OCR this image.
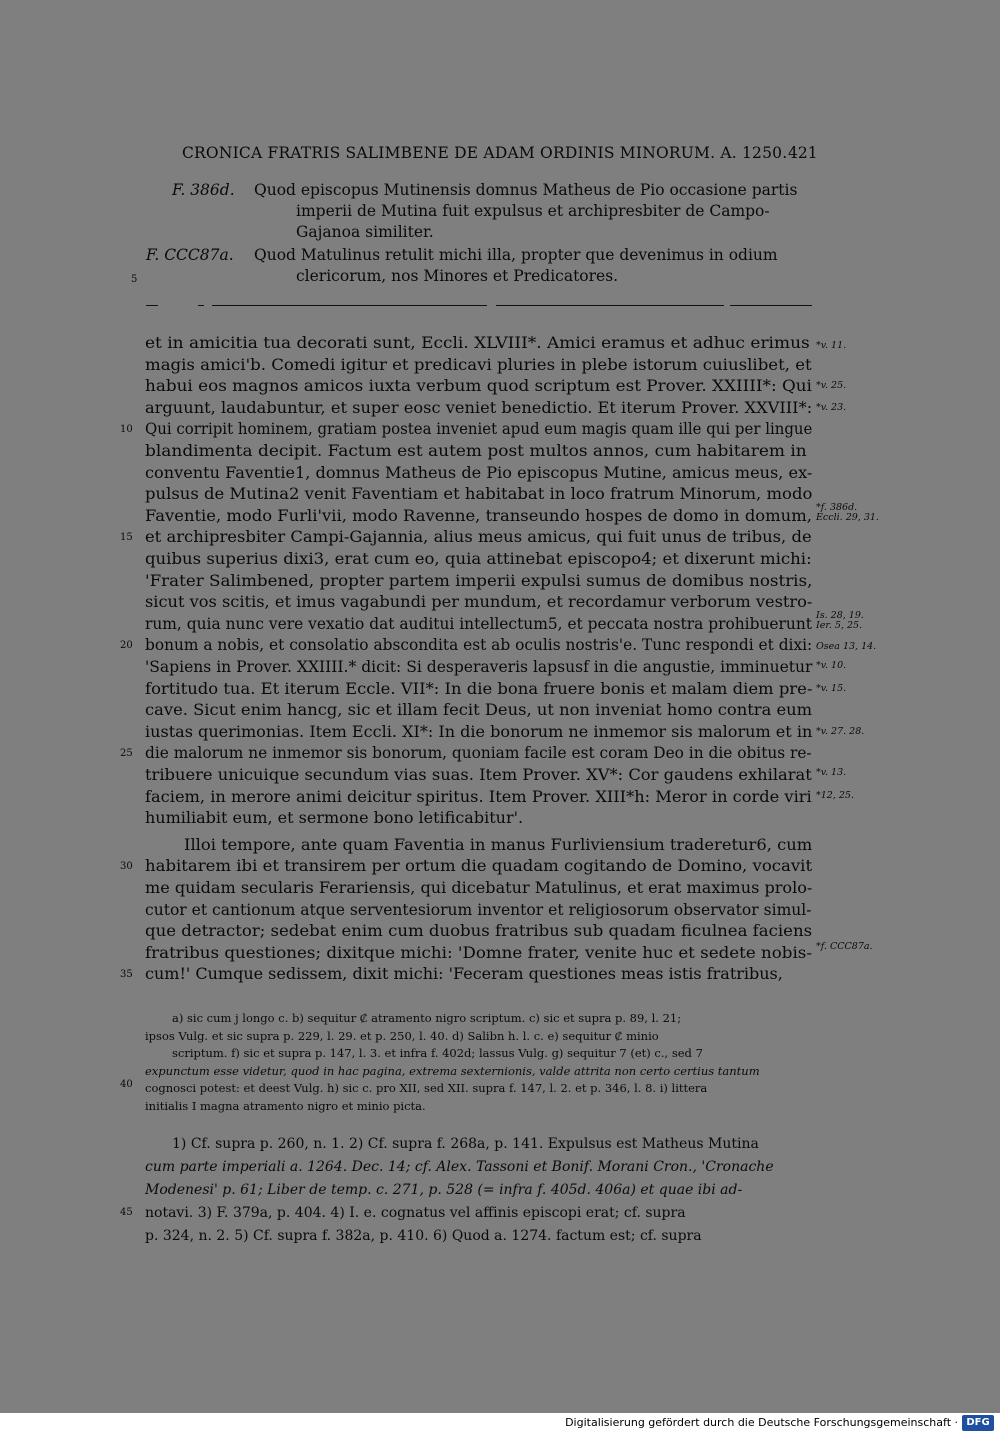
CRONICA FRATRIS SALIMBENE DE ADAM ORDINIS MINORUM. A. 1250. 421
F. 386d. Quod episcopus Mutinensis domnus Matheus de Pio occasione partis
imperii de Mutina fuit expulsus et archipresbiter de Campo-
Gajanoa similiter.
F. CCC87a. Quod Matulinus retulit michi illa, propter que devenimus in odium
clericorum, nos Minores et Predicatores.
5
et in amicitia tua decorati sunt, Eccli. XLVIII*. Amici eramus et adhuc erimus
magis amici'b. Comedi igitur et predicavi pluries in plebe istorum cuiuslibet, et
habui eos magnos amicos iuxta verbum quod scriptum est Prover. XXIIII*: Qui
arguunt, laudabuntur, et super eosc veniet benedictio. Et iterum Prover. XXVIII*:
Qui corripit hominem, gratiam postea inveniet apud eum magis quam ille qui per lingue
blandimenta decipit. Factum est autem post multos annos, cum habitarem in
conventu Faventie1, domnus Matheus de Pio episcopus Mutine, amicus meus, ex-
pulsus de Mutina2 venit Faventiam et habitabat in loco fratrum Minorum, modo
Faventie, modo Furli'vii, modo Ravenne, transeundo hospes de domo in domum,
et archipresbiter Campi-Gajannia, alius meus amicus, qui fuit unus de tribus, de
quibus superius dixi3, erat cum eo, quia attinebat episcopo4; et dixerunt michi:
'Frater Salimbened, propter partem imperii expulsi sumus de domibus nostris,
sicut vos scitis, et imus vagabundi per mundum, et recordamur verborum vestro-
rum, quia nunc vere vexatio dat auditui intellectum5, et peccata nostra prohibuerunt
bonum a nobis, et consolatio abscondita est ab oculis nostris'e. Tunc respondi et dixi:
'Sapiens in Prover. XXIIII.* dicit: Si desperaveris lapsusf in die angustie, imminuetur
fortitudo tua. Et iterum Eccle. VII*: In die bona fruere bonis et malam diem pre-
cave. Sicut enim hancg, sic et illam fecit Deus, ut non inveniat homo contra eum
iustas querimonias. Item Eccli. XI*: In die bonorum ne inmemor sis malorum et in
die malorum ne inmemor sis bonorum, quoniam facile est coram Deo in die obitus re-
tribuere unicuique secundum vias suas. Item Prover. XV*: Cor gaudens exhilarat
faciem, in merore animi deicitur spiritus. Item Prover. XIII*h: Meror in corde viri
humiliabit eum, et sermone bono letificabitur'.
Illoi tempore, ante quam Faventia in manus Furliviensium traderetur6, cum
habitarem ibi et transirem per ortum die quadam cogitando de Domino, vocavit
me quidam secularis Ferariensis, qui dicebatur Matulinus, et erat maximus prolo-
cutor et cantionum atque serventesiorum inventor et religiosorum observator simul-
que detractor; sedebat enim cum duobus fratribus sub quadam ficulnea faciens
fratribus questiones; dixitque michi: 'Domne frater, venite huc et sedete nobis-
cum!' Cumque sedissem, dixit michi: 'Feceram questiones meas istis fratribus,
10
15
20
25
30
35
*v. 11.
*v. 25.
*v. 23.
*f. 386d.
Eccli. 29, 31.
Is. 28, 19.
Ier. 5, 25.
Osea 13, 14.
*v. 10.
*v. 15.
*v. 27. 28.
*v. 13.
*12, 25.
*f. CCC87a.
a) sic cum j longo c. b) sequitur ₡ atramento nigro scriptum. c) sic et supra p. 89, l. 21;
ipsos Vulg. et sic supra p. 229, l. 29. et p. 250, l. 40. d) Salibn h. l. c. e) sequitur ₡ minio
scriptum. f) sic et supra p. 147, l. 3. et infra f. 402d; lassus Vulg. g) sequitur 7 (et) c., sed 7
expunctum esse videtur, quod in hac pagina, extrema sexternionis, valde attrita non certo certius tantum
cognosci potest: et deest Vulg. h) sic c. pro XII, sed XII. supra f. 147, l. 2. et p. 346, l. 8. i) littera
initialis I magna atramento nigro et minio picta.
40
1) Cf. supra p. 260, n. 1. 2) Cf. supra f. 268a, p. 141. Expulsus est Matheus Mutina
cum parte imperiali a. 1264. Dec. 14; cf. Alex. Tassoni et Bonif. Morani Cron., 'Cronache
Modenesi' p. 61; Liber de temp. c. 271, p. 528 (= infra f. 405d. 406a) et quae ibi ad-
notavi. 3) F. 379a, p. 404. 4) I. e. cognatus vel affinis episcopi erat; cf. supra
p. 324, n. 2. 5) Cf. supra f. 382a, p. 410. 6) Quod a. 1274. factum est; cf. supra
45
Digitalisierung gefördert durch die Deutsche Forschungsgemeinschaft · DFG
